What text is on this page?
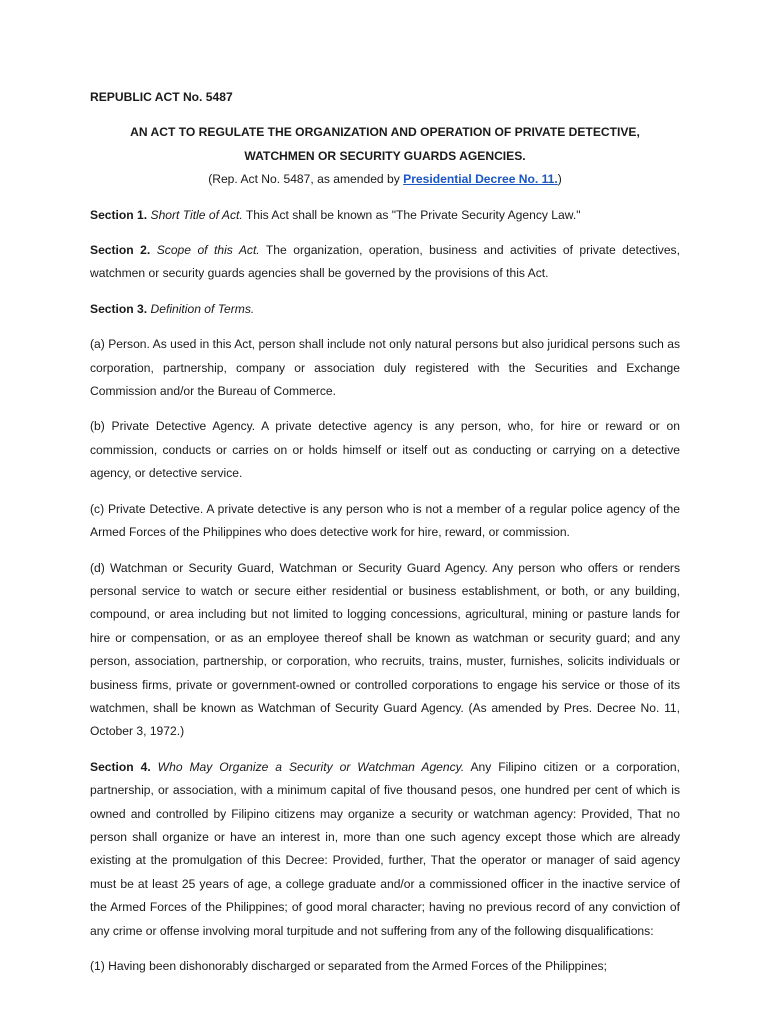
REPUBLIC ACT No. 5487

AN ACT TO REGULATE THE ORGANIZATION AND OPERATION OF PRIVATE DETECTIVE,

WATCHMEN OR SECURITY GUARDS AGENCIES.

(Rep. Act No. 5487, as amended by Presidential Decree No. 11.)

Section 1. Short Title of Act. This Act shall be known as "The Private Security Agency Law."

Section 2. Scope of this Act. The organization, operation, business and activities of private detectives, watchmen or security guards agencies shall be governed by the provisions of this Act.

Section 3. Definition of Terms.

(a) Person. As used in this Act, person shall include not only natural persons but also juridical persons such as corporation, partnership, company or association duly registered with the Securities and Exchange Commission and/or the Bureau of Commerce.

(b) Private Detective Agency. A private detective agency is any person, who, for hire or reward or on commission, conducts or carries on or holds himself or itself out as conducting or carrying on a detective agency, or detective service.

(c) Private Detective. A private detective is any person who is not a member of a regular police agency of the Armed Forces of the Philippines who does detective work for hire, reward, or commission.

(d) Watchman or Security Guard, Watchman or Security Guard Agency. Any person who offers or renders personal service to watch or secure either residential or business establishment, or both, or any building, compound, or area including but not limited to logging concessions, agricultural, mining or pasture lands for hire or compensation, or as an employee thereof shall be known as watchman or security guard; and any person, association, partnership, or corporation, who recruits, trains, muster, furnishes, solicits individuals or business firms, private or government-owned or controlled corporations to engage his service or those of its watchmen, shall be known as Watchman of Security Guard Agency. (As amended by Pres. Decree No. 11, October 3, 1972.)

Section 4. Who May Organize a Security or Watchman Agency. Any Filipino citizen or a corporation, partnership, or association, with a minimum capital of five thousand pesos, one hundred per cent of which is owned and controlled by Filipino citizens may organize a security or watchman agency: Provided, That no person shall organize or have an interest in, more than one such agency except those which are already existing at the promulgation of this Decree: Provided, further, That the operator or manager of said agency must be at least 25 years of age, a college graduate and/or a commissioned officer in the inactive service of the Armed Forces of the Philippines; of good moral character; having no previous record of any conviction of any crime or offense involving moral turpitude and not suffering from any of the following disqualifications:

(1) Having been dishonorably discharged or separated from the Armed Forces of the Philippines;
